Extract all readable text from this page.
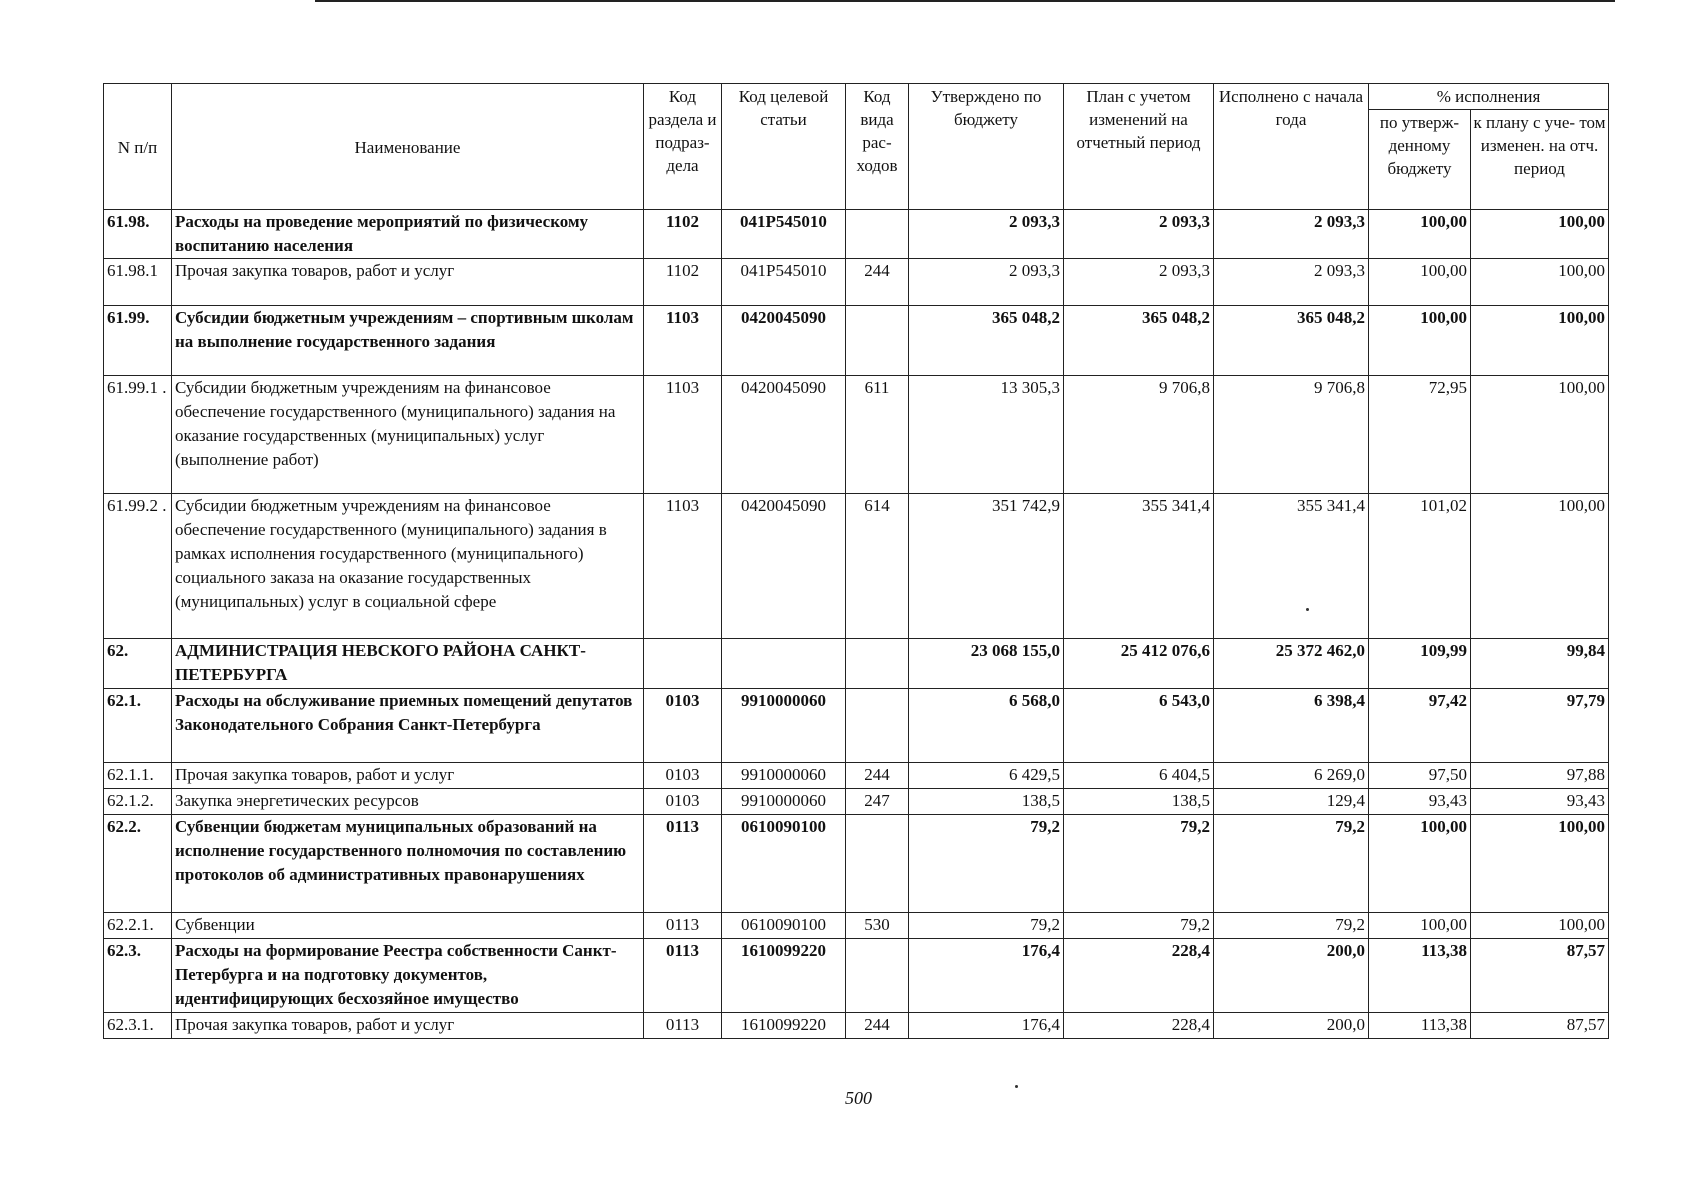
N п/п	Наименование	Код раздела и подраз- дела	Код целевой статьи	Код вида рас- ходов	Утверждено по бюджету	План с учетом изменений на отчетный период	Исполнено с начала года	% исполнения	
								по утверж- денному бюджету	к плану с уче- том изменен. на отч. период
61.98.	Расходы на проведение мероприятий по физическому воспитанию населения	1102	041P545010		2 093,3	2 093,3	2 093,3	100,00	100,00
61.98.1	Прочая закупка товаров, работ и услуг	1102	041P545010	244	2 093,3	2 093,3	2 093,3	100,00	100,00
61.99.	Субсидии бюджетным учреждениям – спортивным школам на выполнение государственного задания	1103	0420045090		365 048,2	365 048,2	365 048,2	100,00	100,00
61.99.1 .	Субсидии бюджетным учреждениям на финансовое обеспечение государственного (муниципального) задания на оказание государственных (муниципальных) услуг (выполнение работ)	1103	0420045090	611	13 305,3	9 706,8	9 706,8	72,95	100,00
61.99.2 .	Субсидии бюджетным учреждениям на финансовое обеспечение государственного (муниципального) задания в рамках исполнения государственного (муниципального) социального заказа на оказание государственных (муниципальных) услуг в социальной сфере	1103	0420045090	614	351 742,9	355 341,4	355 341,4	101,02	100,00
62.	АДМИНИСТРАЦИЯ НЕВСКОГО РАЙОНА САНКТ-ПЕТЕРБУРГА				23 068 155,0	25 412 076,6	25 372 462,0	109,99	99,84
62.1.	Расходы на обслуживание приемных помещений депутатов Законодательного Собрания Санкт-Петербурга	0103	9910000060		6 568,0	6 543,0	6 398,4	97,42	97,79
62.1.1.	Прочая закупка товаров, работ и услуг	0103	9910000060	244	6 429,5	6 404,5	6 269,0	97,50	97,88
62.1.2.	Закупка энергетических ресурсов	0103	9910000060	247	138,5	138,5	129,4	93,43	93,43
62.2.	Субвенции бюджетам муниципальных образований на исполнение государственного полномочия по составлению протоколов об административных правонарушениях	0113	0610090100		79,2	79,2	79,2	100,00	100,00
62.2.1.	Субвенции	0113	0610090100	530	79,2	79,2	79,2	100,00	100,00
62.3.	Расходы на формирование Реестра собственности Санкт-Петербурга и на подготовку документов, идентифицирующих бесхозяйное имущество	0113	1610099220		176,4	228,4	200,0	113,38	87,57
62.3.1.	Прочая закупка товаров, работ и услуг	0113	1610099220	244	176,4	228,4	200,0	113,38	87,57
500
